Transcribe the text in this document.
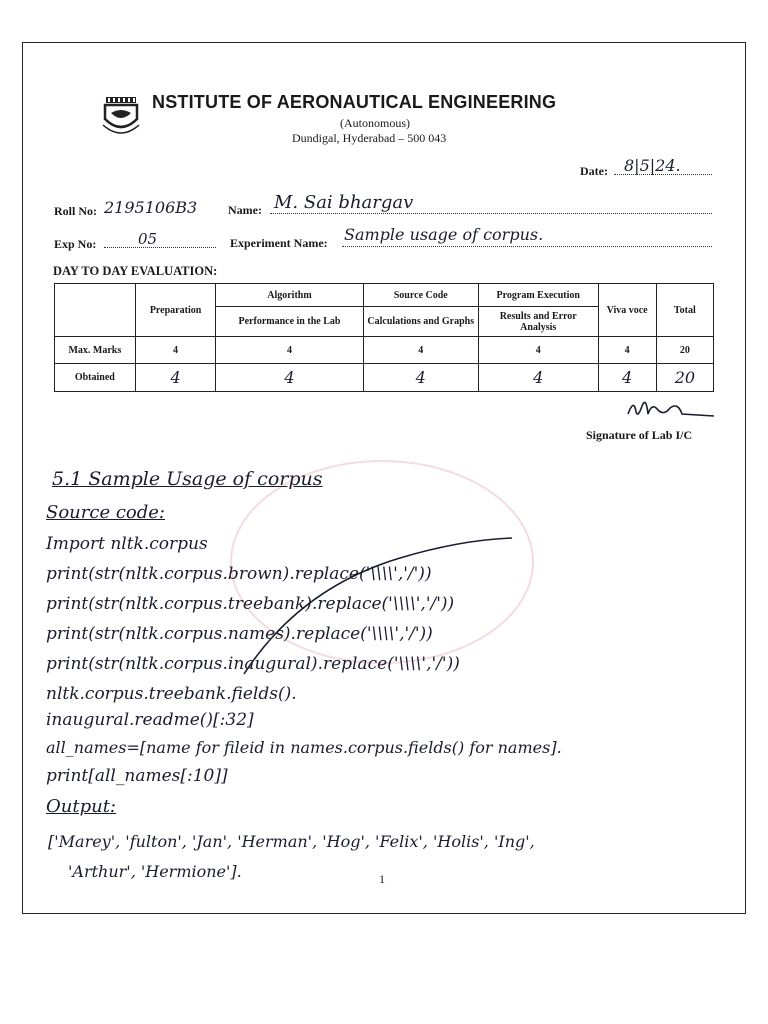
NSTITUTE OF AERONAUTICAL ENGINEERING
(Autonomous)
Dundigal, Hyderabad – 500 043
Date: 8|5|24.
Roll No: 2195106B3	Name: M. Sai bhargav
Exp No:	05	Experiment Name: Sample usage of corpus.
DAY TO DAY EVALUATION:
	Preparation	Algorithm	Source Code	Program Execution	Viva voce	Total
		Performance in the Lab	Calculations and Graphs	Results and Error Analysis		
Max. Marks	4	4	4	4	4	20
Obtained	4	4	4	4	4	20
Signature of Lab I/C
5.1 Sample Usage of corpus
Source code:
Import nltk.corpus
print(str(nltk.corpus.brown).replace('\\\\','/'))
print(str(nltk.corpus.treebank).replace('\\\\','/'))
print(str(nltk.corpus.names).replace('\\\\','/'))
print(str(nltk.corpus.inaugural).replace('\\\\','/'))
nltk.corpus.treebank.fields().
inaugural.readme()[:32]
all_names=[name for fileid in names.corpus.fields() for names].
print[all_names[:10]]
Output:
['Marey', 'fulton', 'Jan', 'Herman', 'Hog', 'Felix', 'Holis', 'Ing',
'Arthur', 'Hermione'].	1
